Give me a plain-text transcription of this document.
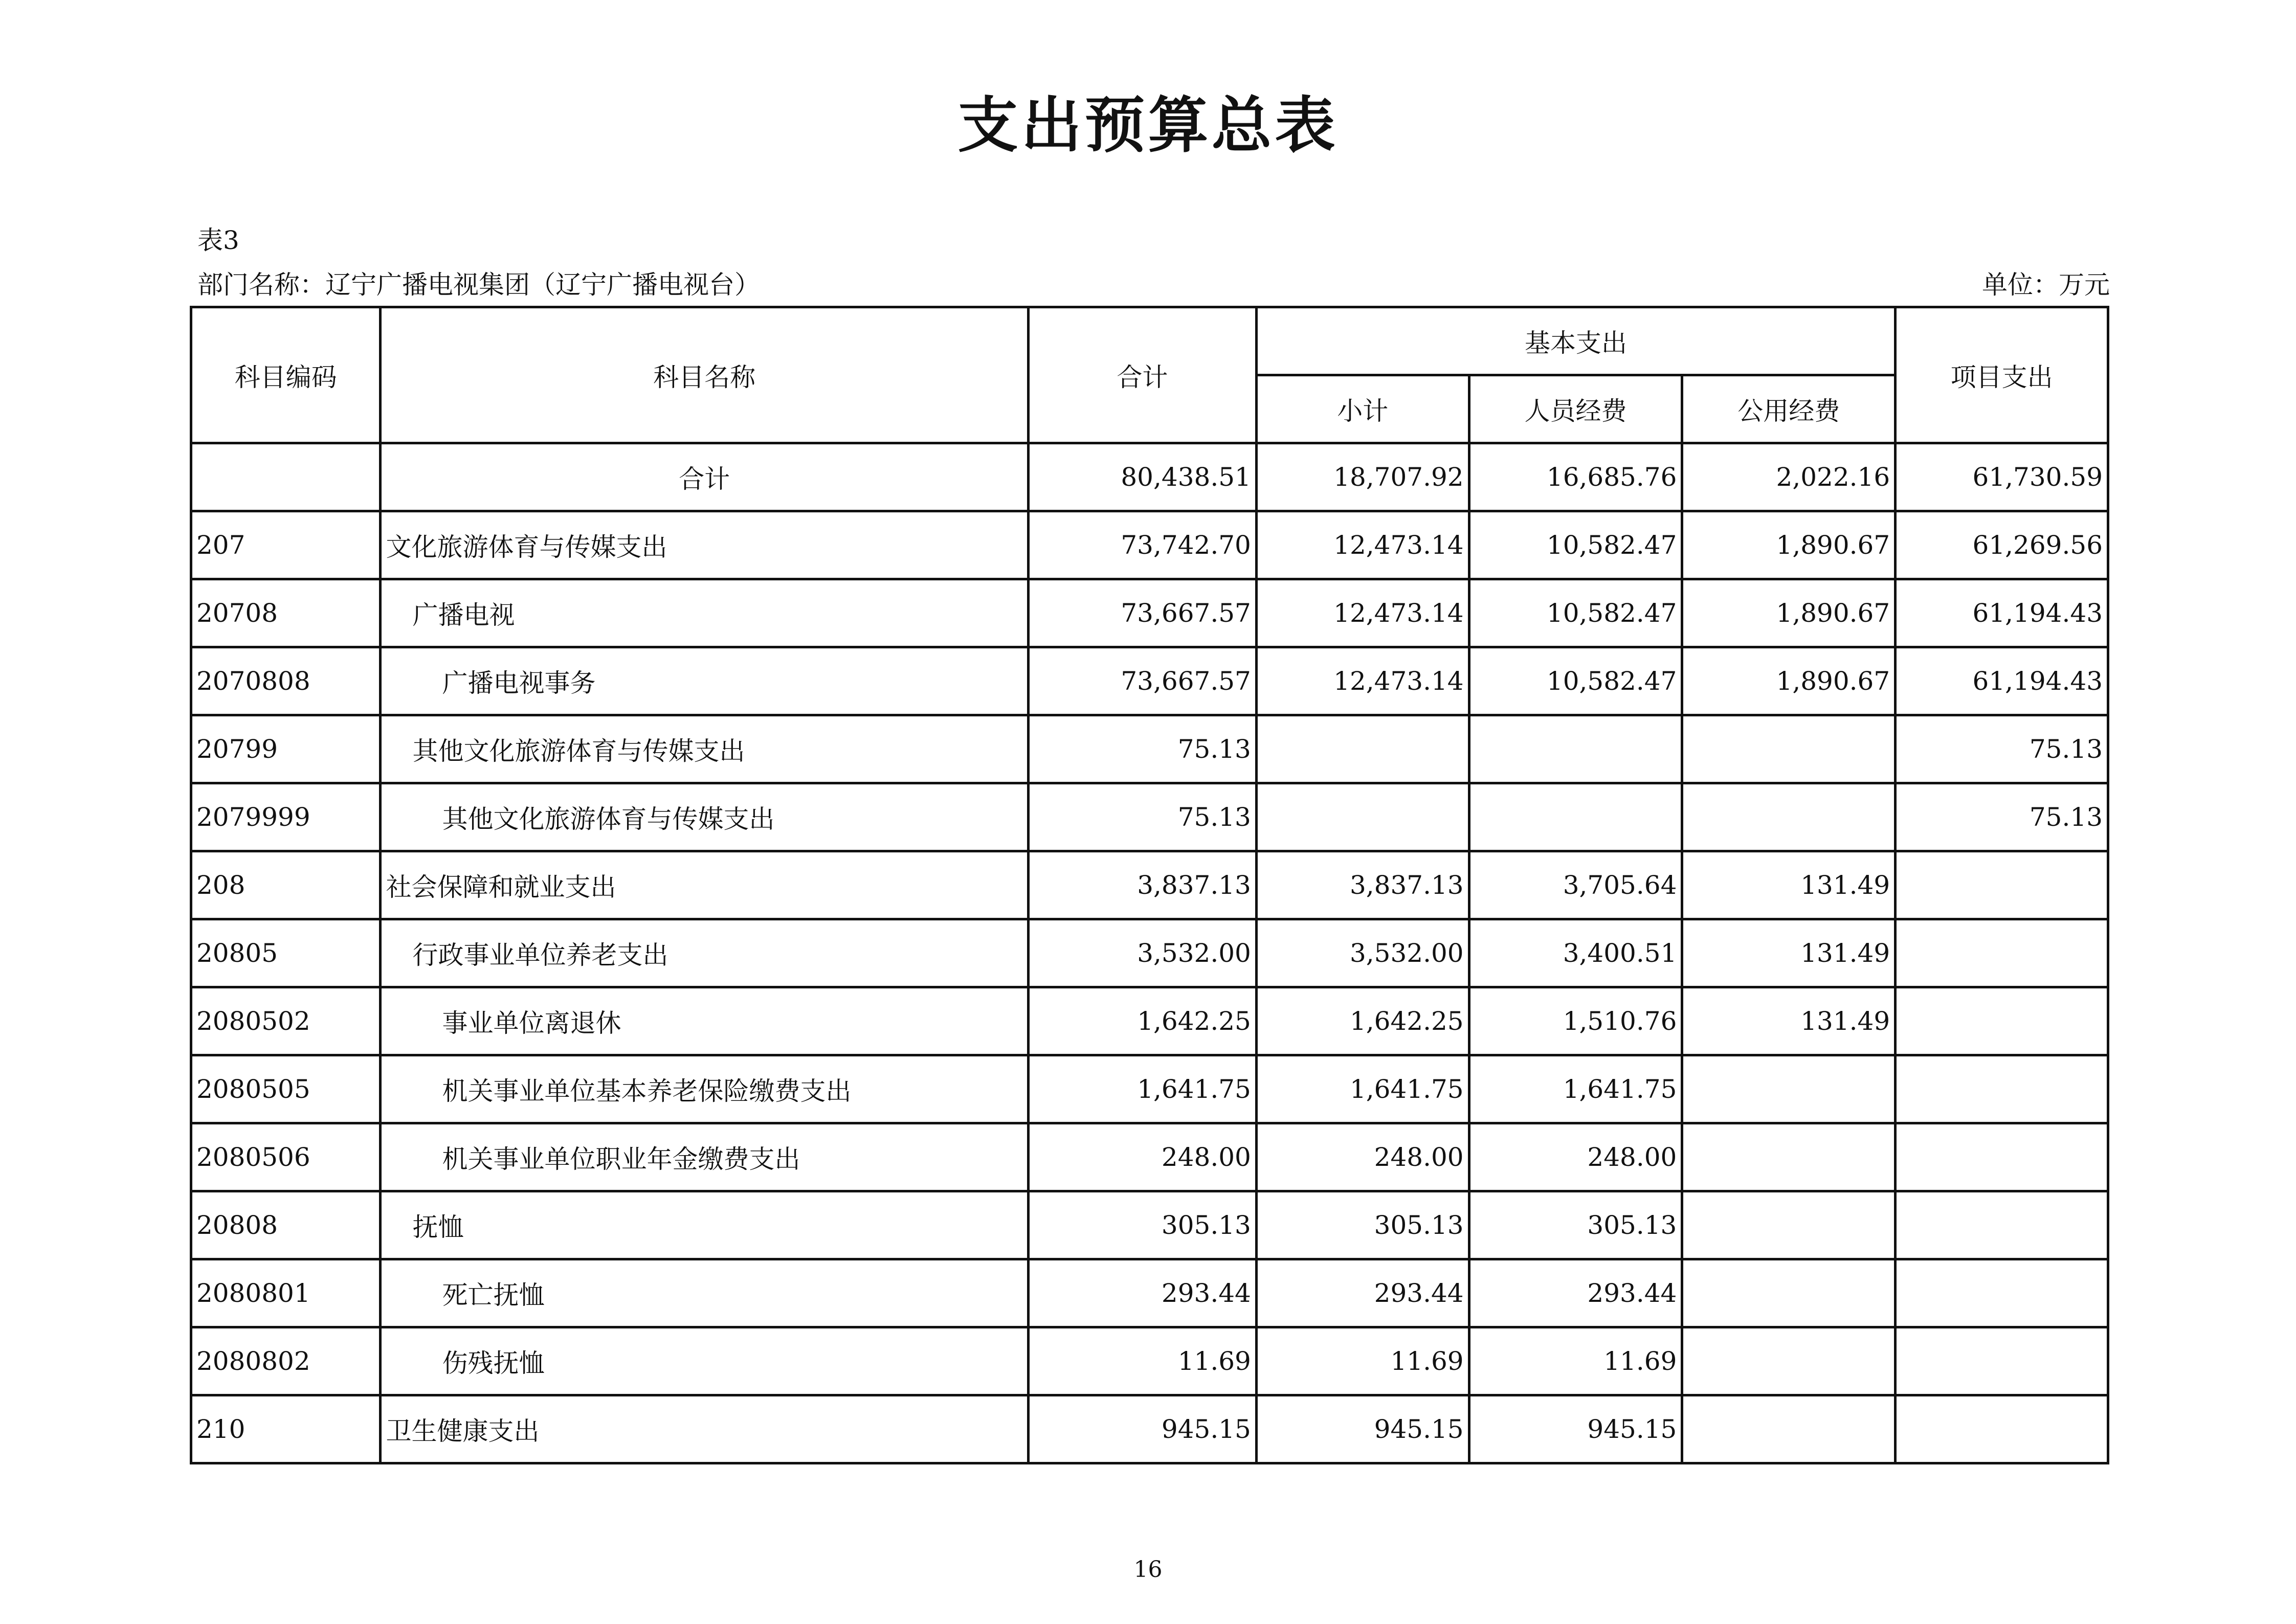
支出预算总表
表3
部门名称：辽宁广播电视集团（辽宁广播电视台）	单位：万元
科目编码	科目名称	合计	基本支出			项目支出
			小计	人员经费	公用经费	
	合计	80,438.51	18,707.92	16,685.76	2,022.16	61,730.59
207	文化旅游体育与传媒支出	73,742.70	12,473.14	10,582.47	1,890.67	61,269.56
20708	广播电视	73,667.57	12,473.14	10,582.47	1,890.67	61,194.43
2070808	广播电视事务	73,667.57	12,473.14	10,582.47	1,890.67	61,194.43
20799	其他文化旅游体育与传媒支出	75.13				75.13
2079999	其他文化旅游体育与传媒支出	75.13				75.13
208	社会保障和就业支出	3,837.13	3,837.13	3,705.64	131.49	
20805	行政事业单位养老支出	3,532.00	3,532.00	3,400.51	131.49	
2080502	事业单位离退休	1,642.25	1,642.25	1,510.76	131.49	
2080505	机关事业单位基本养老保险缴费支出	1,641.75	1,641.75	1,641.75		
2080506	机关事业单位职业年金缴费支出	248.00	248.00	248.00		
20808	抚恤	305.13	305.13	305.13		
2080801	死亡抚恤	293.44	293.44	293.44		
2080802	伤残抚恤	11.69	11.69	11.69		
210	卫生健康支出	945.15	945.15	945.15		
16
